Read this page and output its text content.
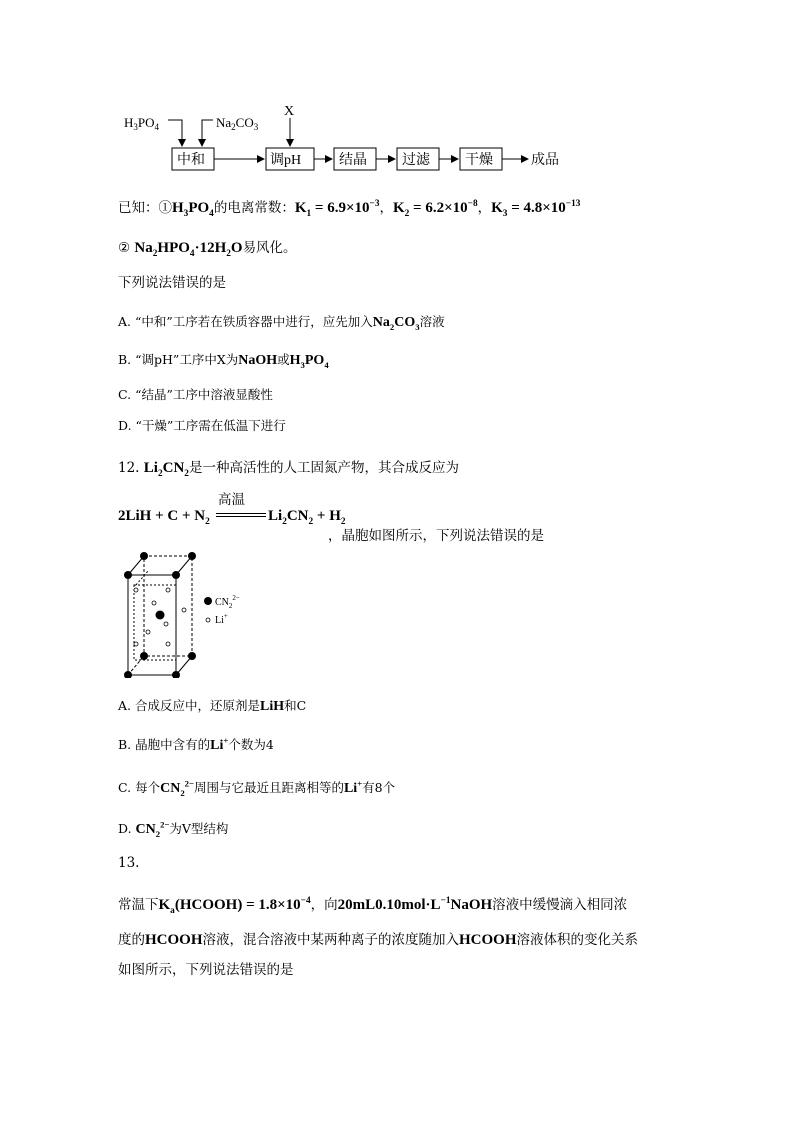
$H_3PO_4$	$Na_2CO_3$
X
中和	调pH	结晶	过滤	干燥	成品
已知：$①H_3PO_4$的电离常数：$K_1 = 6.9\times 10^{-3}$，$K_2 = 6.2\times 10^{-8}$，$K_3 = 4.8\times 10^{-13}$
② $Na_2HPO_4\cdot 12H_2O$易风化。
下列说法错误的是
A. “中和”工序若在铁质容器中进行，应先加入$Na_2CO_3$溶液
B. “调pH”工序中X为NaOH或$H_3PO_4$
C. “结晶”工序中溶液显酸性
D. “干燥”工序需在低温下进行
12. $Li_2CN_2$是一种高活性的人工固氮产物，其合成反应为
$2LiH + C + N_2$
高温
$Li_2CN_2 + H_2$
，晶胞如图所示，下列说法错误的是
$CN_2^{2-}$
Li+
A. 合成反应中，还原剂是LiH和C
B. 晶胞中含有的Li+个数为4
C. 每个$CN_2^{2-}$周围与它最近且距离相等的Li+有8个
D. $CN_2^{2-}$为V型结构
13.
常温下$K_a(HCOOH) = 1.8\times 10^{-4}$，向$20mL0.10mol\cdot L^{-1}NaOH$溶液中缓慢滴入相同浓
度的HCOOH溶液，混合溶液中某两种离子的浓度随加入HCOOH溶液体积的变化关系
如图所示，下列说法错误的是
